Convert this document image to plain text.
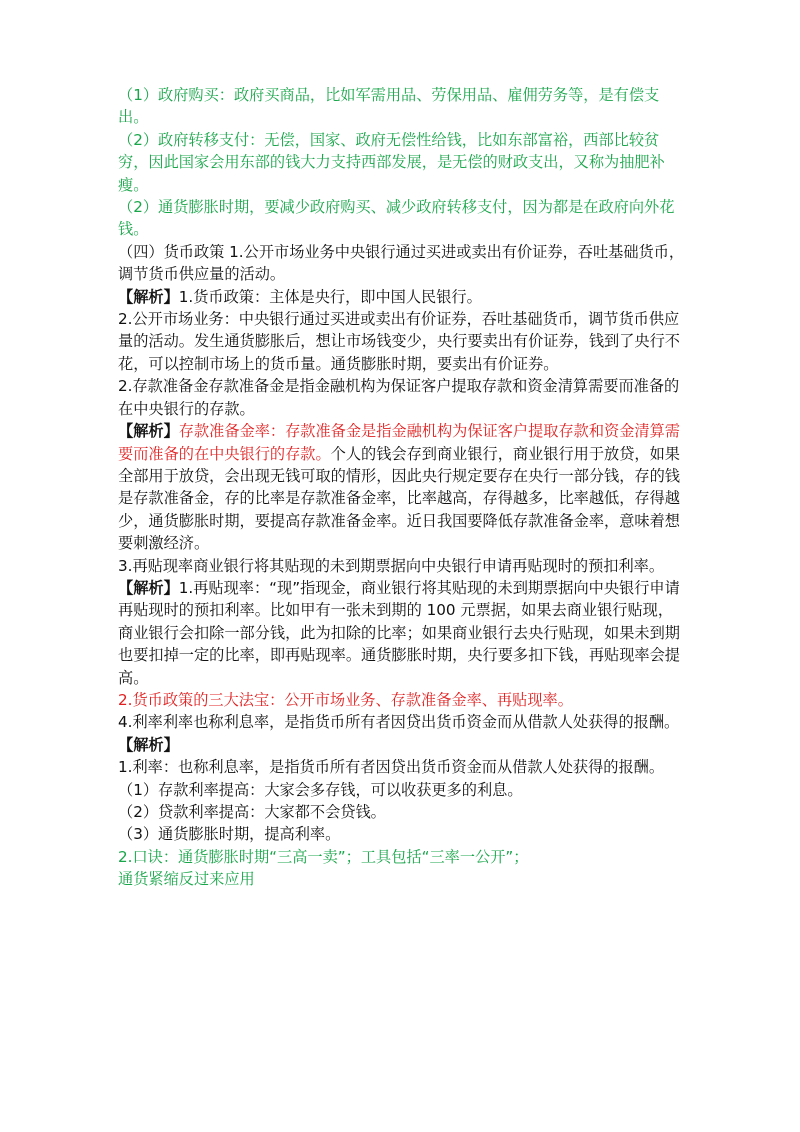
（1）政府购买：政府买商品，比如军需用品、劳保用品、雇佣劳务等，是有偿支出。

（2）政府转移支付：无偿，国家、政府无偿性给钱，比如东部富裕，西部比较贫穷，因此国家会用东部的钱大力支持西部发展，是无偿的财政支出，又称为抽肥补瘦。

（2）通货膨胀时期，要减少政府购买、减少政府转移支付，因为都是在政府向外花钱。

（四）货币政策 1.公开市场业务中央银行通过买进或卖出有价证券，吞吐基础货币，调节货币供应量的活动。

【解析】1.货币政策：主体是央行，即中国人民银行。

2.公开市场业务：中央银行通过买进或卖出有价证券，吞吐基础货币，调节货币供应量的活动。发生通货膨胀后，想让市场钱变少，央行要卖出有价证券，钱到了央行不花，可以控制市场上的货币量。通货膨胀时期，要卖出有价证券。

2.存款准备金存款准备金是指金融机构为保证客户提取存款和资金清算需要而准备的在中央银行的存款。

【解析】存款准备金率：存款准备金是指金融机构为保证客户提取存款和资金清算需要而准备的在中央银行的存款。个人的钱会存到商业银行，商业银行用于放贷，如果全部用于放贷，会出现无钱可取的情形，因此央行规定要存在央行一部分钱，存的钱是存款准备金，存的比率是存款准备金率，比率越高，存得越多，比率越低，存得越少，通货膨胀时期，要提高存款准备金率。近日我国要降低存款准备金率，意味着想要刺激经济。

3.再贴现率商业银行将其贴现的未到期票据向中央银行申请再贴现时的预扣利率。

【解析】1.再贴现率：“现”指现金，商业银行将其贴现的未到期票据向中央银行申请再贴现时的预扣利率。比如甲有一张未到期的 100 元票据，如果去商业银行贴现，商业银行会扣除一部分钱，此为扣除的比率；如果商业银行去央行贴现，如果未到期也要扣掉一定的比率，即再贴现率。通货膨胀时期，央行要多扣下钱，再贴现率会提高。

2.货币政策的三大法宝：公开市场业务、存款准备金率、再贴现率。

4.利率利率也称利息率，是指货币所有者因贷出货币资金而从借款人处获得的报酬。

【解析】

1.利率：也称利息率，是指货币所有者因贷出货币资金而从借款人处获得的报酬。

（1）存款利率提高：大家会多存钱，可以收获更多的利息。

（2）贷款利率提高：大家都不会贷钱。

（3）通货膨胀时期，提高利率。

2.口诀：通货膨胀时期“三高一卖”；工具包括“三率一公开”；

通货紧缩反过来应用
